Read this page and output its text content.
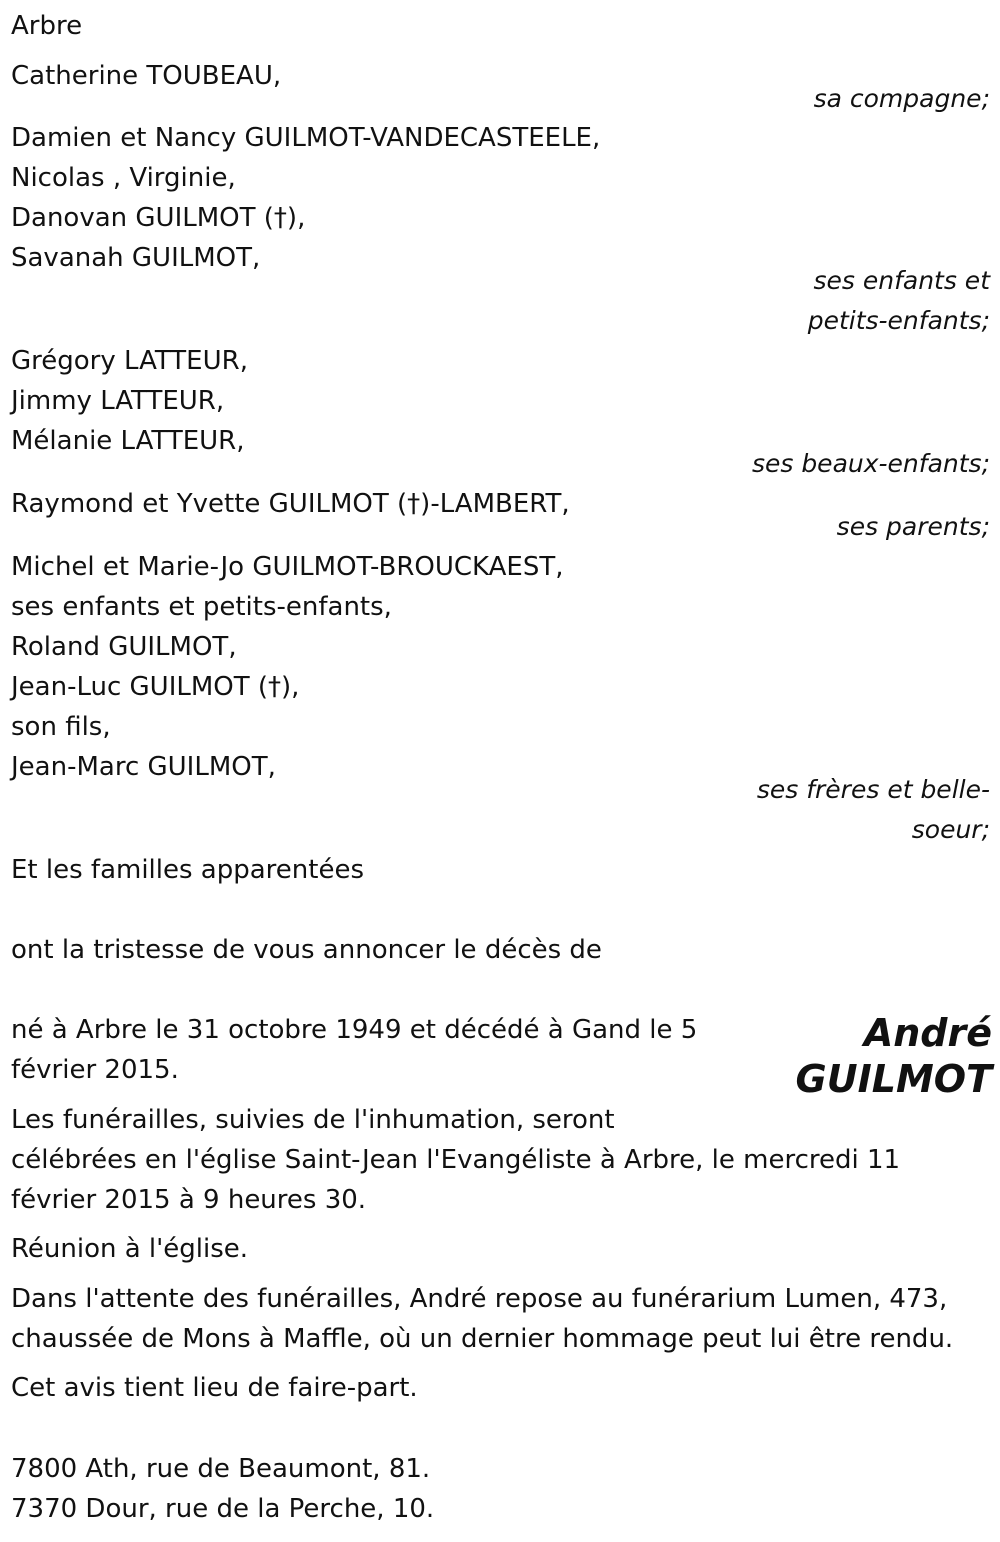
Arbre
Catherine TOUBEAU,
sa compagne;
Damien et Nancy GUILMOT-VANDECASTEELE,
Nicolas , Virginie,
Danovan GUILMOT (†),
Savanah GUILMOT,
ses enfants et
petits-enfants;
Grégory LATTEUR,
Jimmy LATTEUR,
Mélanie LATTEUR,
ses beaux-enfants;
Raymond et Yvette GUILMOT (†)-LAMBERT,
ses parents;
Michel et Marie-Jo GUILMOT-BROUCKAEST,
ses enfants et petits-enfants,
Roland GUILMOT,
Jean-Luc GUILMOT (†),
son fils,
Jean-Marc GUILMOT,
ses frères et belle-
soeur;
Et les familles apparentées
ont la tristesse de vous annoncer le décès de
André
GUILMOT
né à Arbre le 31 octobre 1949 et décédé à Gand le 5
février 2015.
Les funérailles, suivies de l'inhumation, seront
célébrées en l'église Saint-Jean l'Evangéliste à Arbre, le mercredi 11
février 2015 à 9 heures 30.
Réunion à l'église.
Dans l'attente des funérailles, André repose au funérarium Lumen, 473,
chaussée de Mons à Maffle, où un dernier hommage peut lui être rendu.
Cet avis tient lieu de faire-part.
7800 Ath, rue de Beaumont, 81.
7370 Dour, rue de la Perche, 10.
